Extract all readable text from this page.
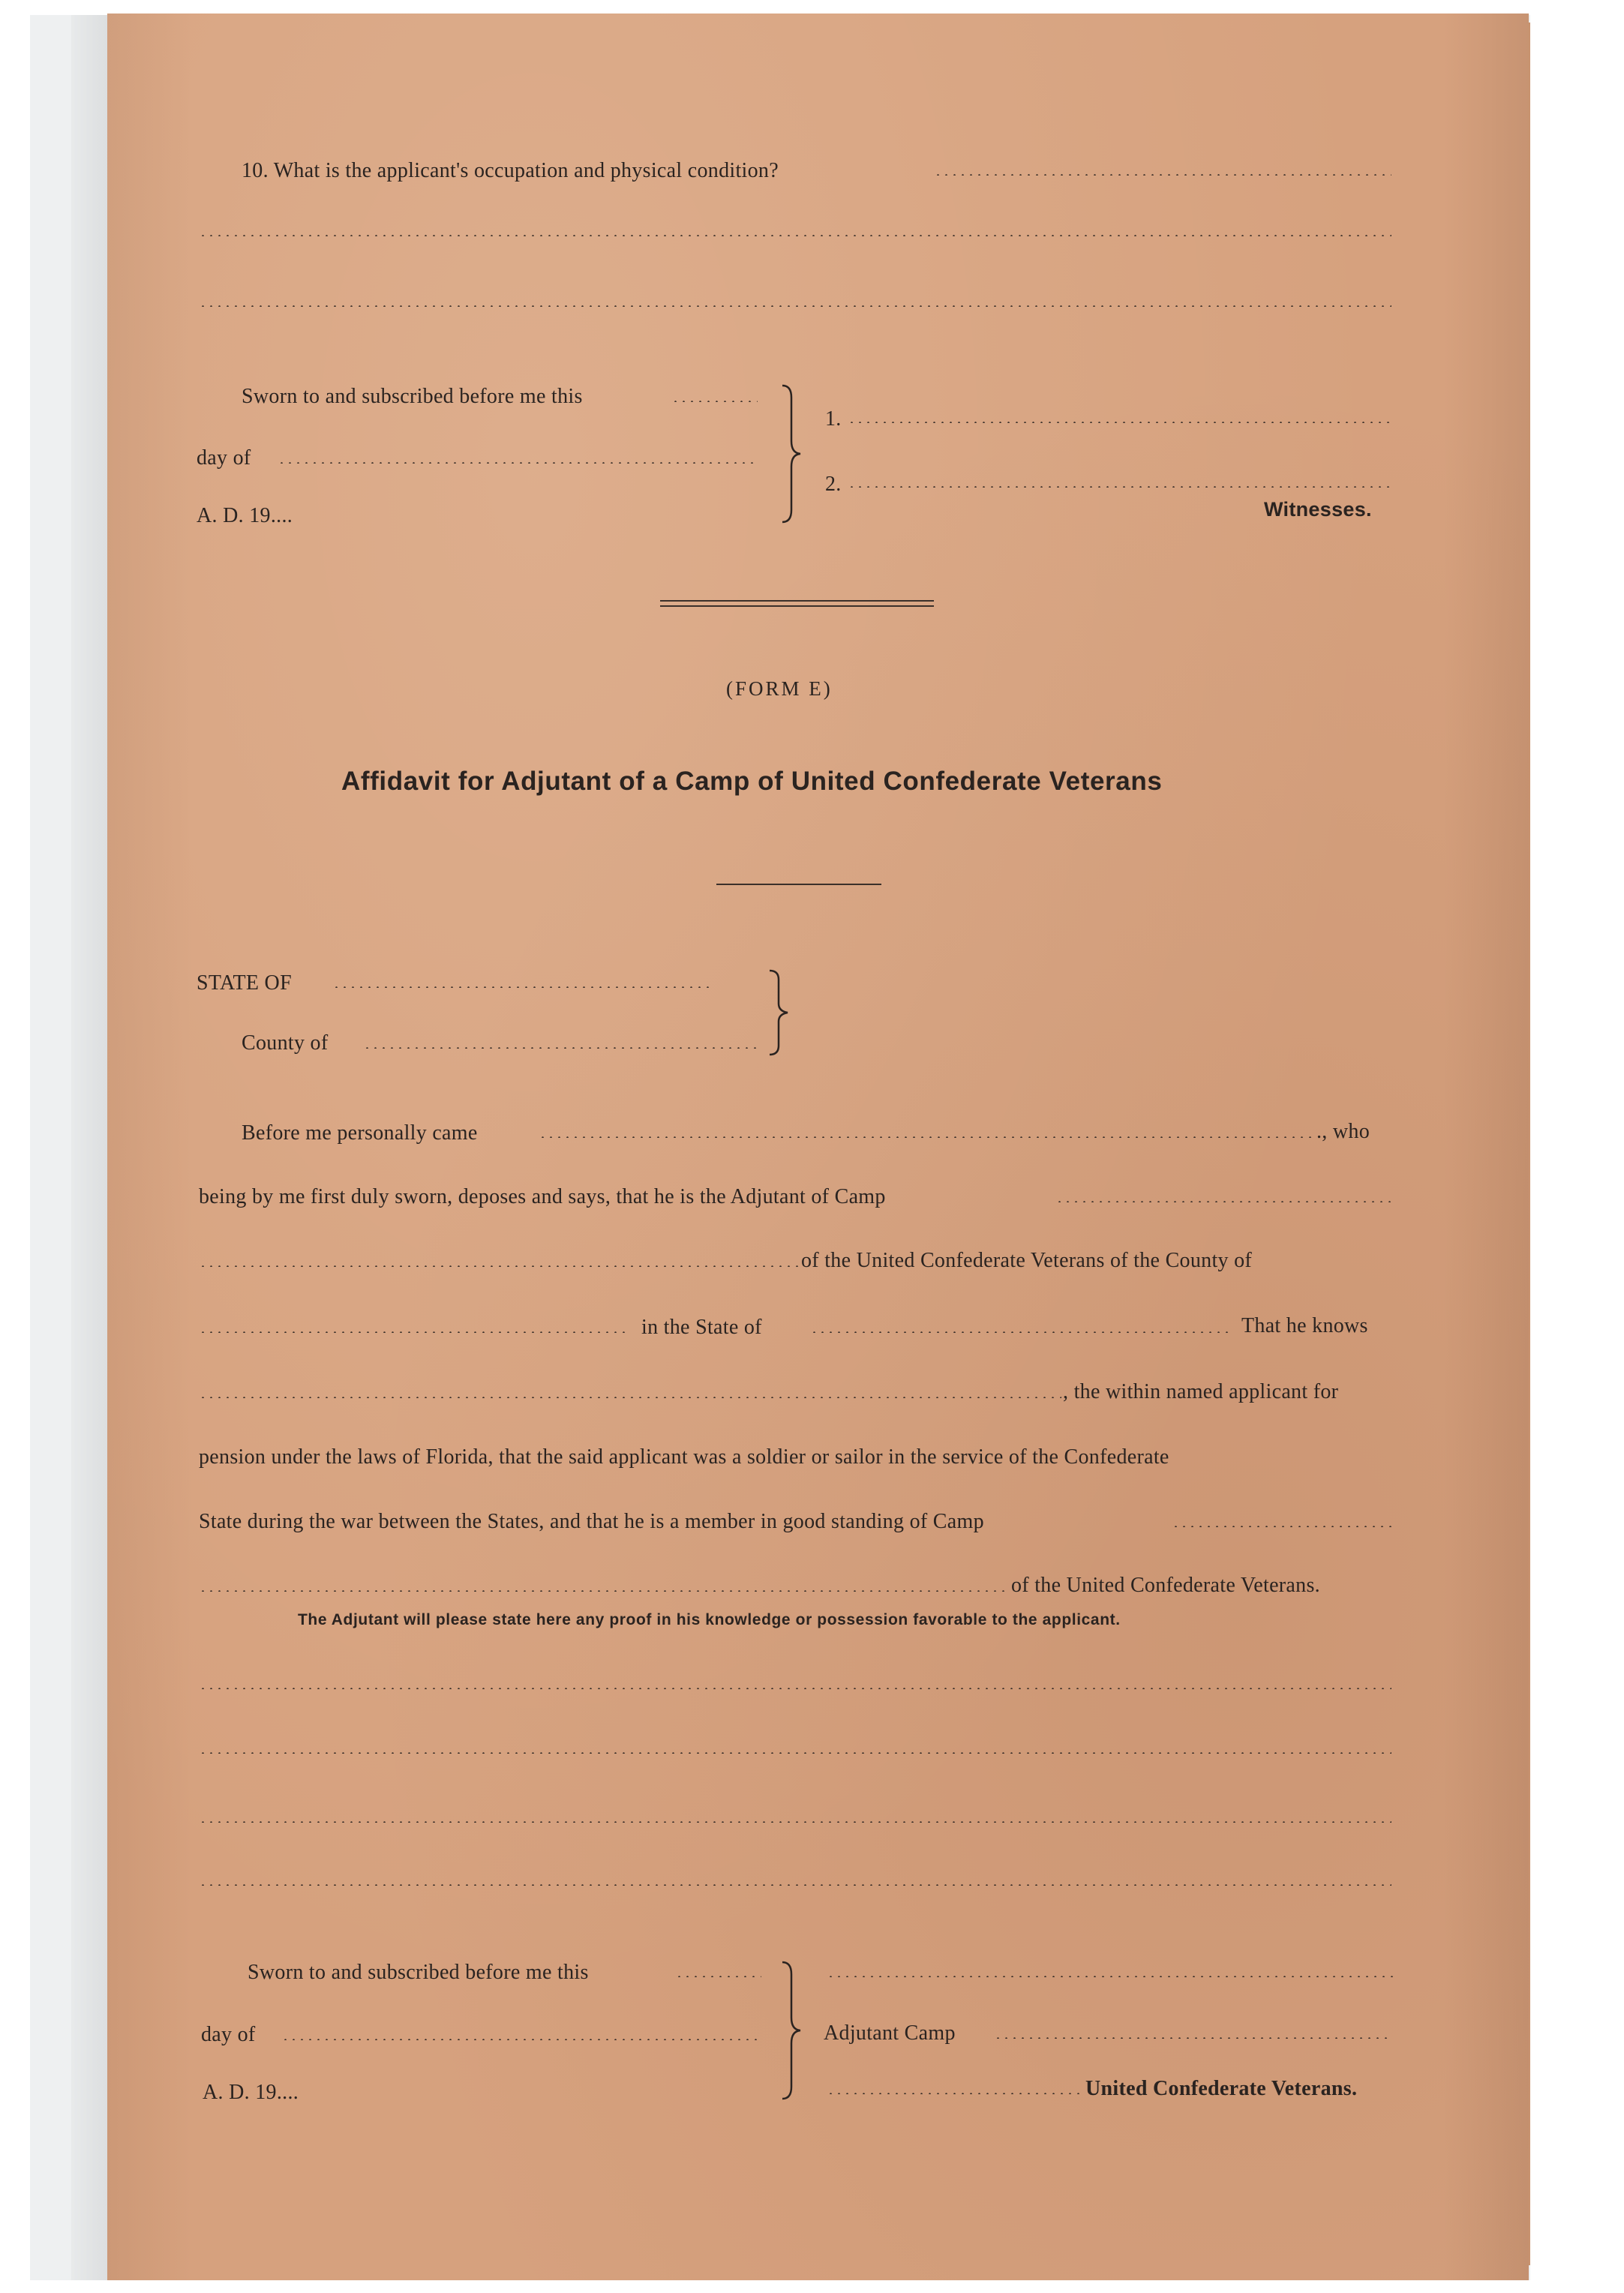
10. What is the applicant's occupation and physical condition?
Sworn to and subscribed before me this
day of
A. D. 19....
1.
2.
Witnesses.
(FORM E)
Affidavit for Adjutant of a Camp of United Confederate Veterans
STATE OF
County of
Before me personally came	., who
being by me first duly sworn, deposes and says, that he is the Adjutant of Camp
of the United Confederate Veterans of the County of
in the State of	That he knows
, the within named applicant for
pension under the laws of Florida, that the said applicant was a soldier or sailor in the service of the Confederate
State during the war between the States, and that he is a member in good standing of Camp
of the United Confederate Veterans.
The Adjutant will please state here any proof in his knowledge or possession favorable to the applicant.
Sworn to and subscribed before me this
day of
A. D. 19....
Adjutant Camp
United Confederate Veterans.
